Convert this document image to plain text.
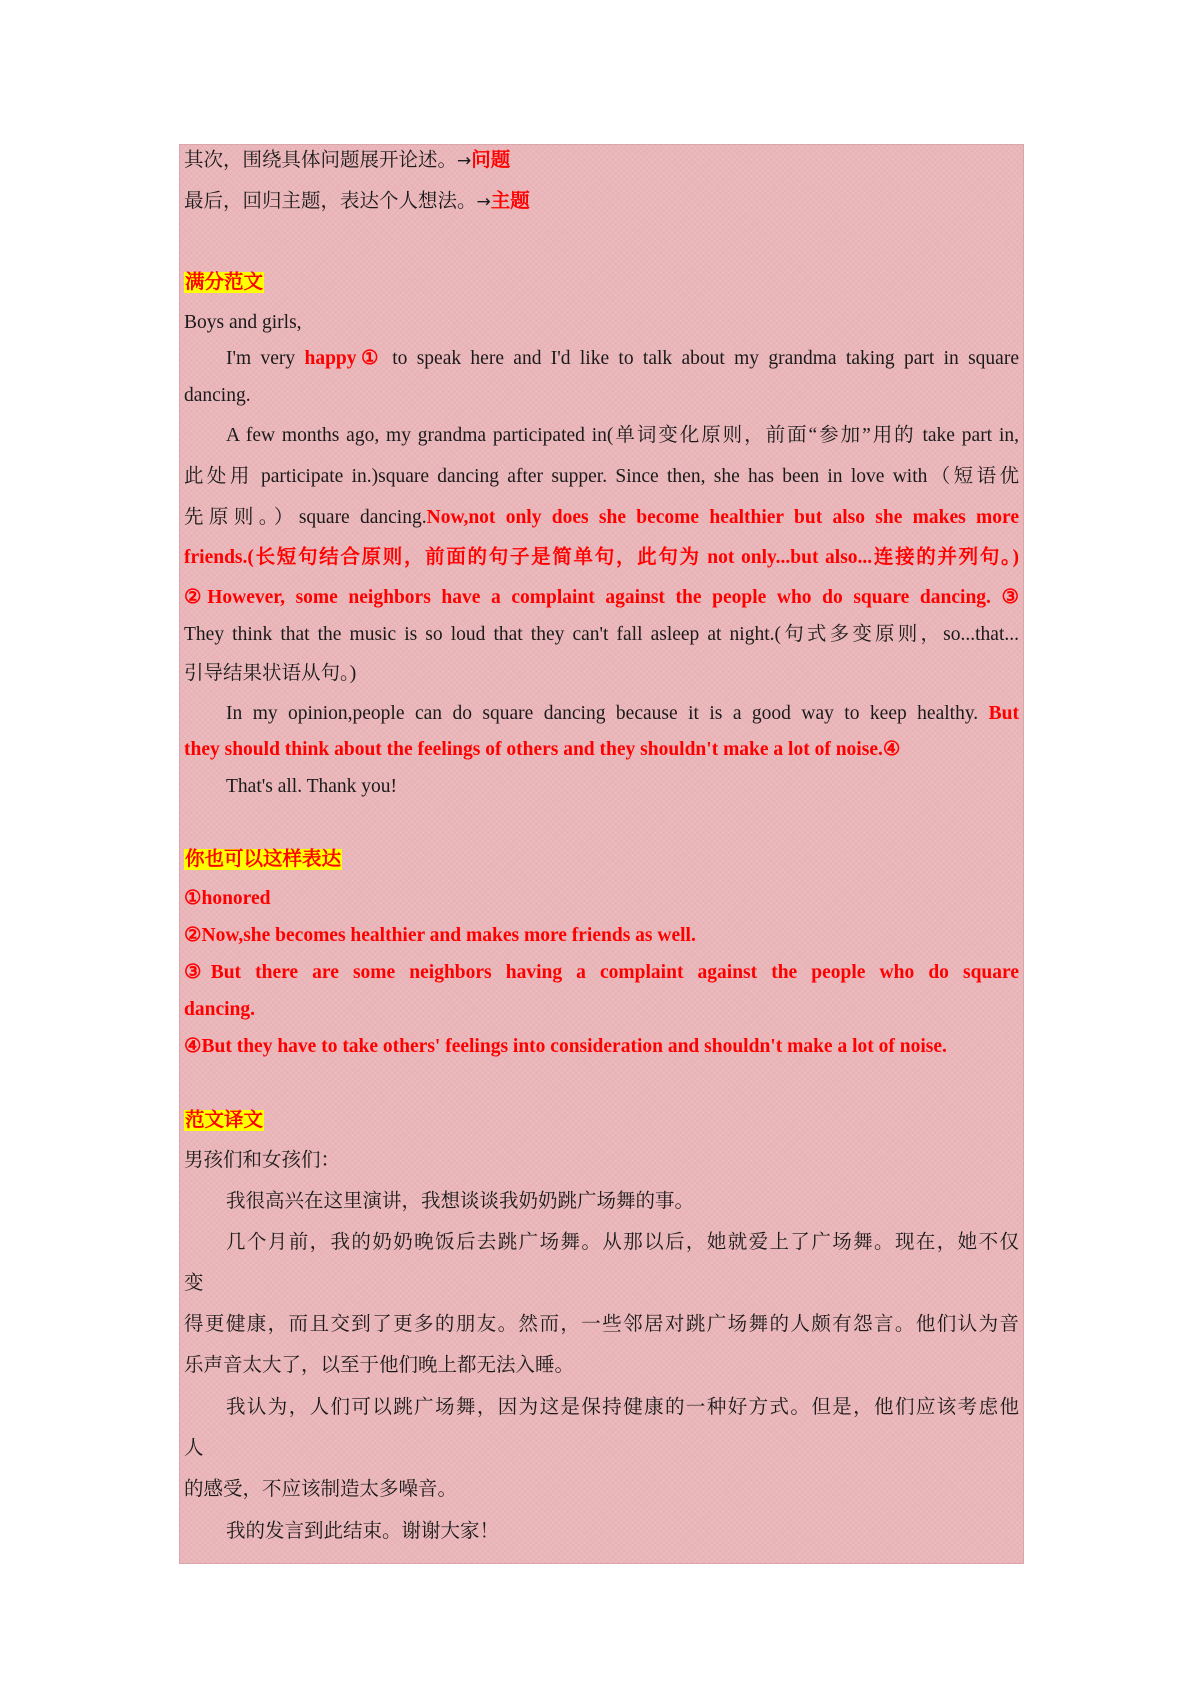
其次，围绕具体问题展开论述。→问题
最后，回归主题，表达个人想法。→主题
满分范文
Boys and girls,
I'm very happy① to speak here and I'd like to talk about my grandma taking part in square
dancing.
A few months ago, my grandma participated in(单词变化原则，前面“参加”用的 take part in,
此处用 participate in.)square dancing after supper. Since then, she has been in love with（短语优
先原则。）square dancing.Now,not only does she become healthier but also she makes more
friends.(长短句结合原则，前面的句子是简单句，此句为 not only...but also...连接的并列句。)
②However, some neighbors have a complaint against the people who do square dancing. ③
They think that the music is so loud that they can't fall asleep at night.(句式多变原则，so...that...
引导结果状语从句。)
In my opinion,people can do square dancing because it is a good way to keep healthy. But
they should think about the feelings of others and they shouldn't make a lot of noise.④
That's all. Thank you!
你也可以这样表达
①honored
②Now,she becomes healthier and makes more friends as well.
③But there are some neighbors having a complaint against the people who do square
dancing.
④But they have to take others' feelings into consideration and shouldn't make a lot of noise.
范文译文
男孩们和女孩们：
我很高兴在这里演讲，我想谈谈我奶奶跳广场舞的事。
几个月前，我的奶奶晚饭后去跳广场舞。从那以后，她就爱上了广场舞。现在，她不仅
变
得更健康，而且交到了更多的朋友。然而，一些邻居对跳广场舞的人颇有怨言。他们认为音
乐声音太大了，以至于他们晚上都无法入睡。
我认为，人们可以跳广场舞，因为这是保持健康的一种好方式。但是，他们应该考虑他
人
的感受，不应该制造太多噪音。
我的发言到此结束。谢谢大家！
